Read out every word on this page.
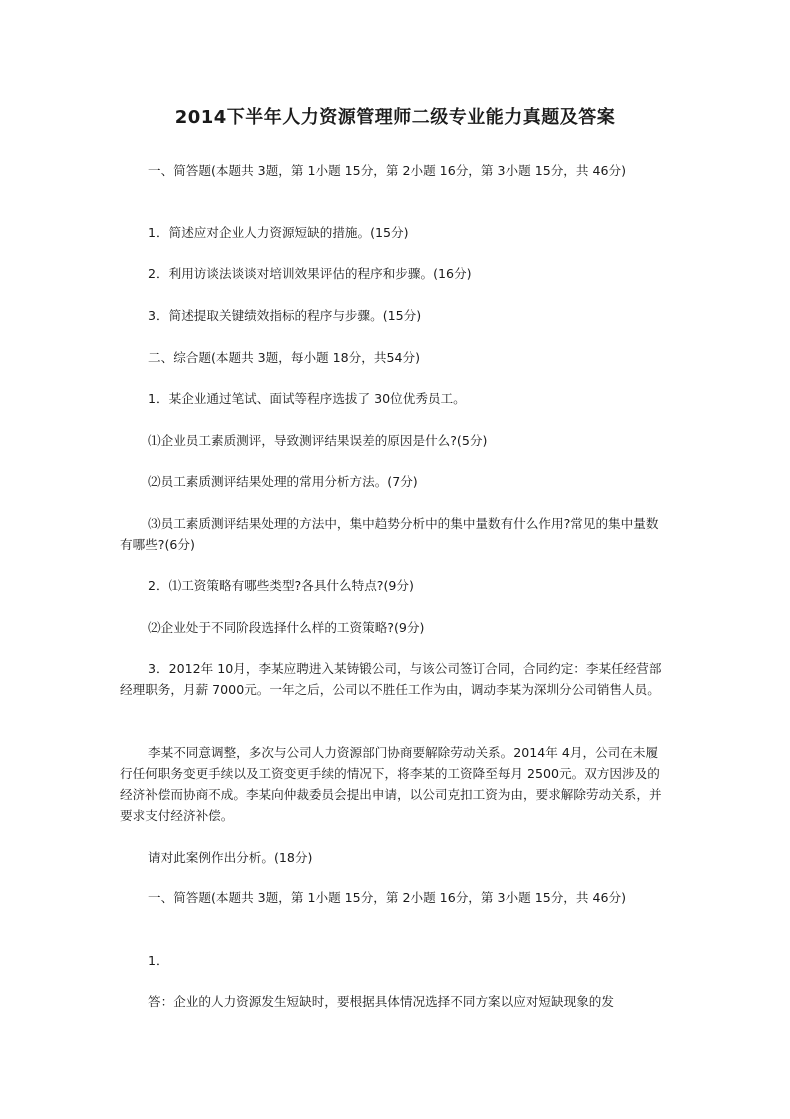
2014下半年人力资源管理师二级专业能力真题及答案

一、简答题(本题共 3题，第 1小题 15分，第 2小题 16分，第 3小题 15分，共 46分)

1．简述应对企业人力资源短缺的措施。(15分)

2．利用访谈法谈谈对培训效果评估的程序和步骤。(16分)

3．简述提取关键绩效指标的程序与步骤。(15分)

二、综合题(本题共 3题，每小题 18分，共54分)

1．某企业通过笔试、面试等程序选拔了 30位优秀员工。

⑴企业员工素质测评，导致测评结果误差的原因是什么?(5分)

⑵员工素质测评结果处理的常用分析方法。(7分)

⑶员工素质测评结果处理的方法中，集中趋势分析中的集中量数有什么作用?常见的集中量数有哪些?(6分)

2．⑴工资策略有哪些类型?各具什么特点?(9分)

⑵企业处于不同阶段选择什么样的工资策略?(9分)

3．2012年 10月，李某应聘进入某铸锻公司，与该公司签订合同，合同约定：李某任经营部经理职务，月薪 7000元。一年之后，公司以不胜任工作为由，调动李某为深圳分公司销售人员。

李某不同意调整，多次与公司人力资源部门协商要解除劳动关系。2014年 4月，公司在未履行任何职务变更手续以及工资变更手续的情况下，将李某的工资降至每月 2500元。双方因涉及的经济补偿而协商不成。李某向仲裁委员会提出申请，以公司克扣工资为由，要求解除劳动关系，并要求支付经济补偿。

请对此案例作出分析。(18分)

一、简答题(本题共 3题，第 1小题 15分，第 2小题 16分，第 3小题 15分，共 46分)

1．

答：企业的人力资源发生短缺时，要根据具体情况选择不同方案以应对短缺现象的发
